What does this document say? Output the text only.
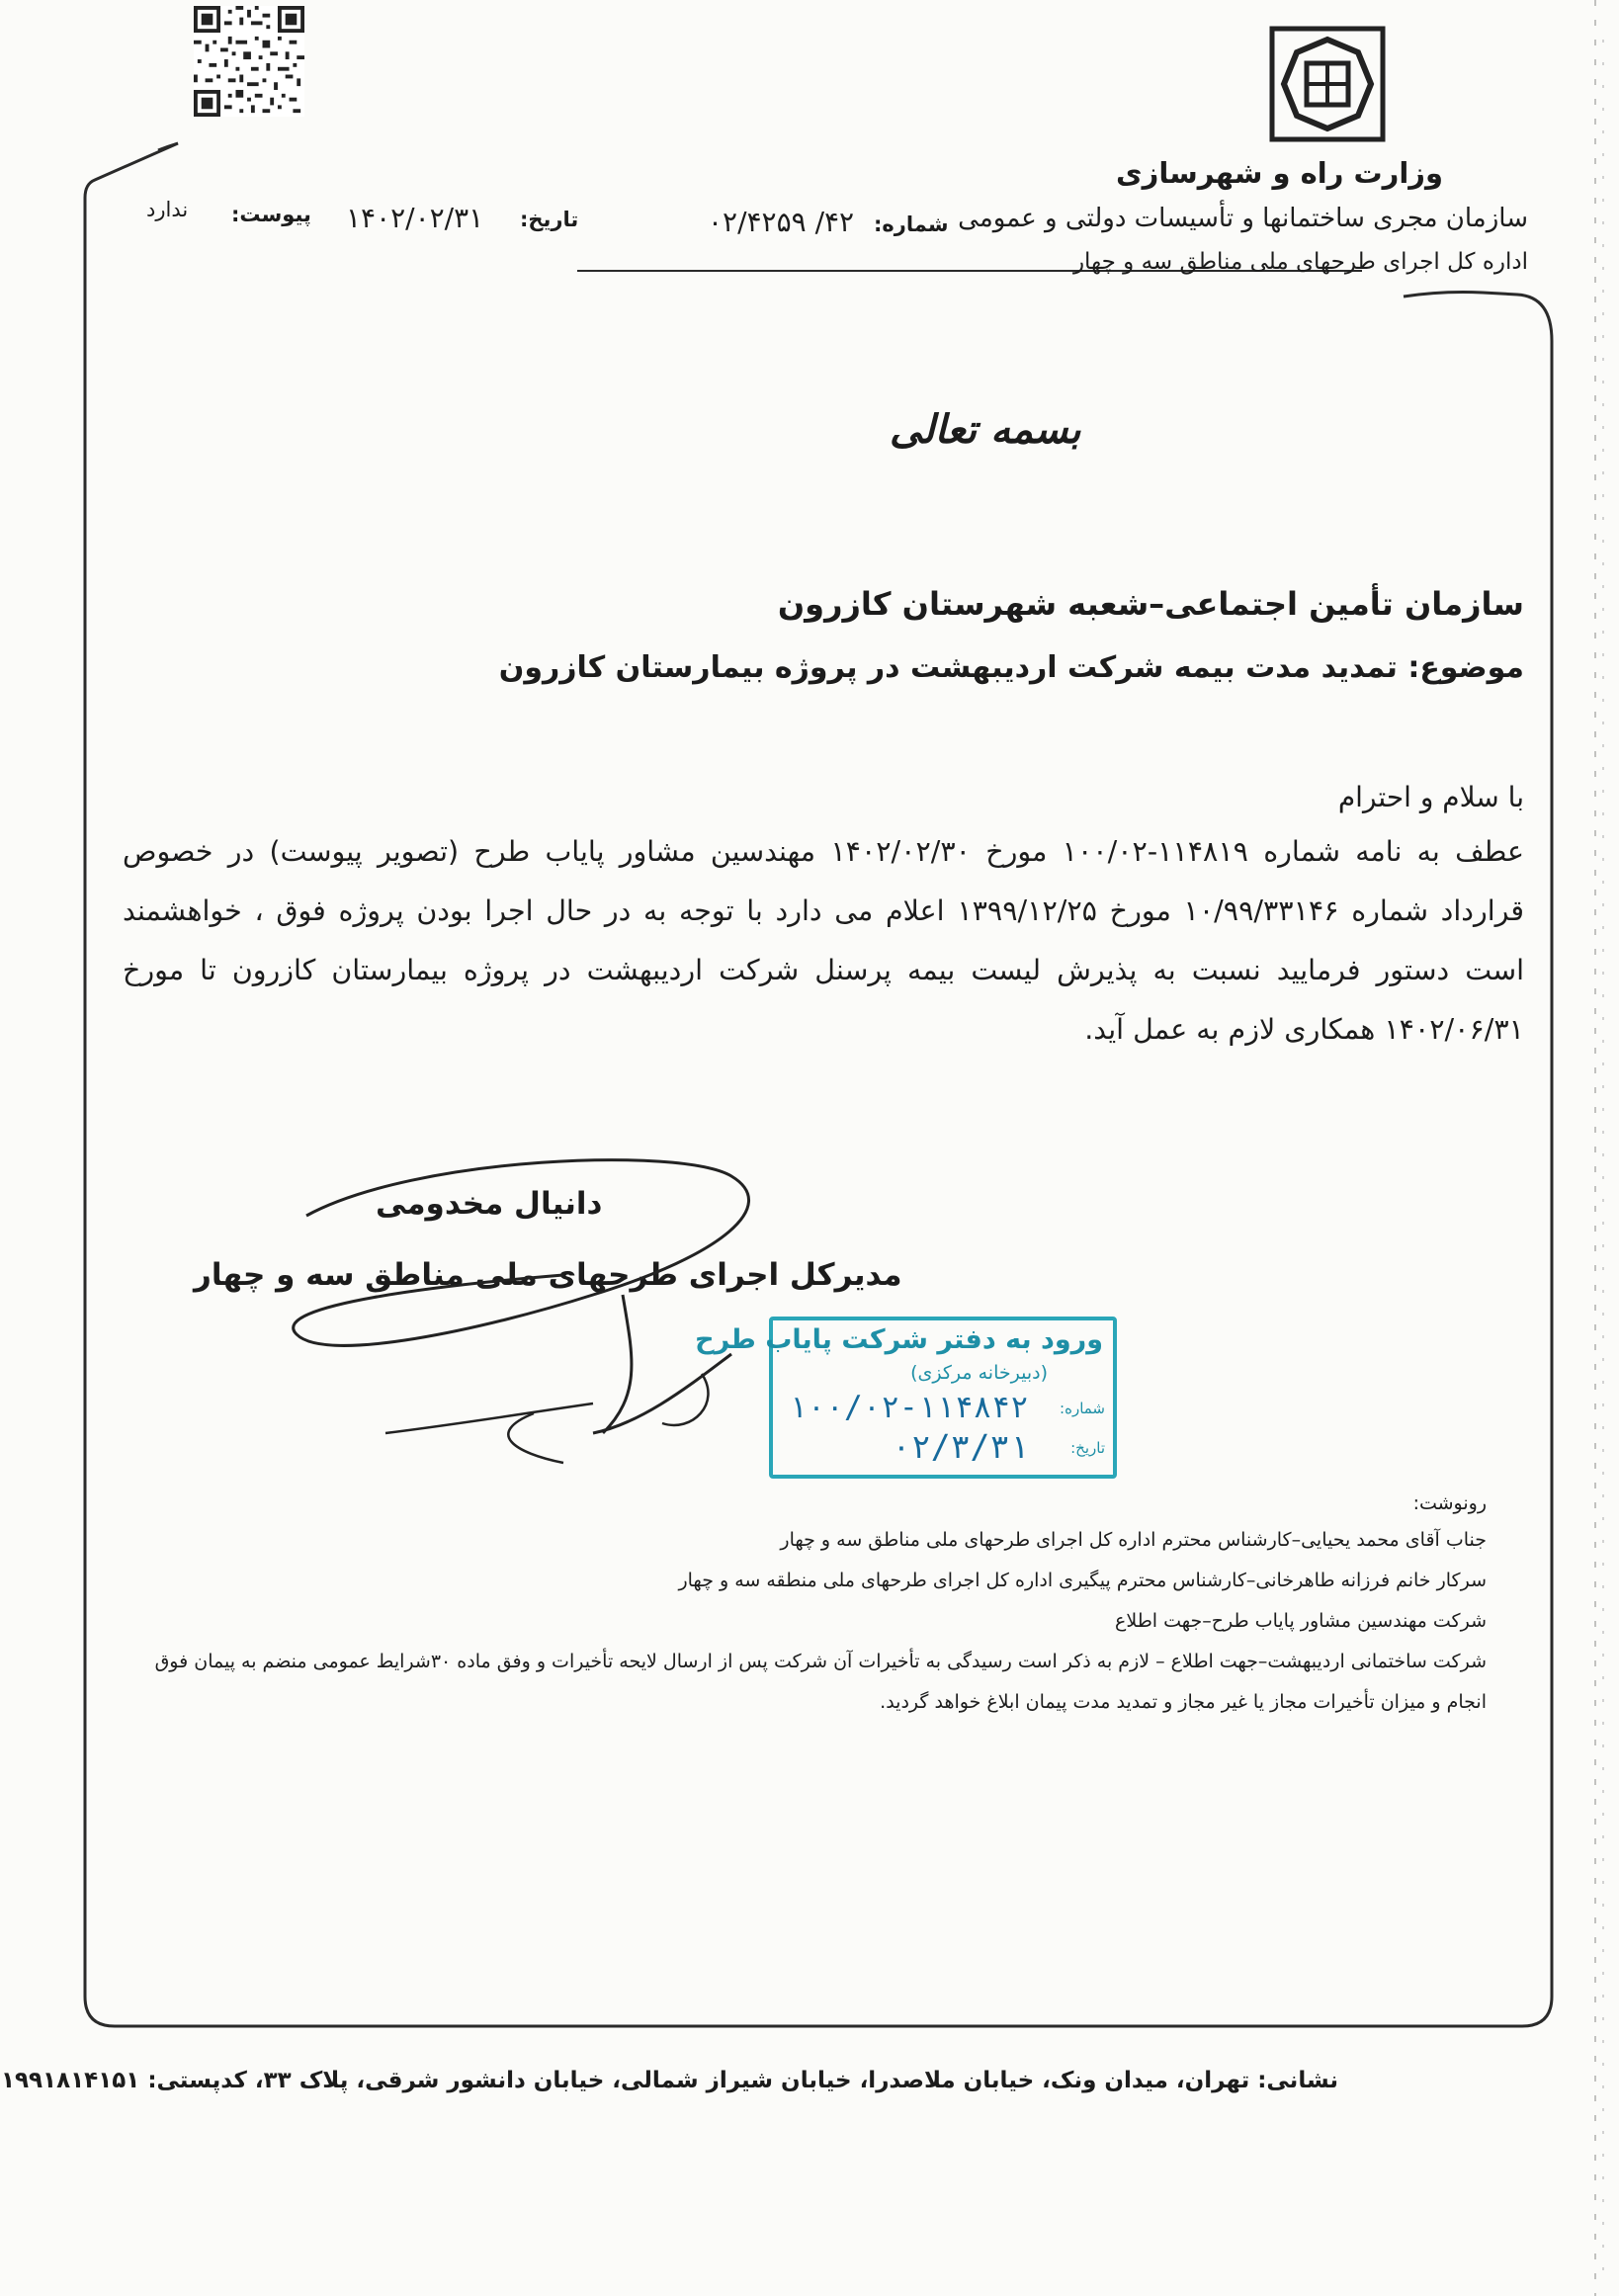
وزارت راه و شهرسازی
سازمان مجری ساختمانها و تأسیسات دولتی و عمومی
اداره کل اجرای طرحهای ملی مناطق سه و چهار
شماره:
۴۲/ ۰۲/۴۲۵۹
تاریخ:
۱۴۰۲/۰۲/۳۱
پیوست:
ندارد
بسمه تعالی
سازمان تأمین اجتماعی–شعبه شهرستان کازرون
موضوع: تمدید مدت بیمه شرکت اردیبهشت در پروژه بیمارستان کازرون
با سلام و احترام
عطف به نامه شماره ۱۱۴۸۱۹-۱۰۰/۰۲ مورخ ۱۴۰۲/۰۲/۳۰ مهندسین مشاور پایاب طرح (تصویر پیوست) در خصوص قرارداد شماره ۱۰/۹۹/۳۳۱۴۶ مورخ ۱۳۹۹/۱۲/۲۵ اعلام می دارد با توجه به در حال اجرا بودن پروژه فوق ، خواهشمند است دستور فرمایید نسبت به پذیرش لیست بیمه پرسنل شرکت اردیبهشت در پروژه بیمارستان کازرون تا مورخ ۱۴۰۲/۰۶/۳۱ همکاری لازم به عمل آید.
دانیال مخدومی
مدیرکل اجرای طرحهای ملی مناطق سه و چهار
ورود به دفتر شرکت پایاب طرح
(دبیرخانه مرکزی)
شماره:
۱۰۰/۰۲-۱۱۴۸۴۲
تاریخ:
۰۲/۳/۳۱
رونوشت:
جناب آقای محمد یحیایی–کارشناس محترم اداره کل اجرای طرحهای ملی مناطق سه و چهار
سرکار خانم فرزانه طاهرخانی–کارشناس محترم پیگیری اداره کل اجرای طرحهای ملی منطقه سه و چهار
شرکت مهندسین مشاور پایاب طرح–جهت اطلاع
شرکت ساختمانی اردیبهشت–جهت اطلاع – لازم به ذکر است رسیدگی به تأخیرات آن شرکت پس از ارسال لایحه تأخیرات و وفق ماده ۳۰شرایط عمومی منضم به پیمان فوق
انجام و میزان تأخیرات مجاز یا غیر مجاز و تمدید مدت پیمان ابلاغ خواهد گردید.
نشانی: تهران، میدان ونک، خیابان ملاصدرا، خیابان شیراز شمالی، خیابان دانشور شرقی، پلاک ۳۳، کدپستی: ۱۹۹۱۸۱۴۱۵۱
